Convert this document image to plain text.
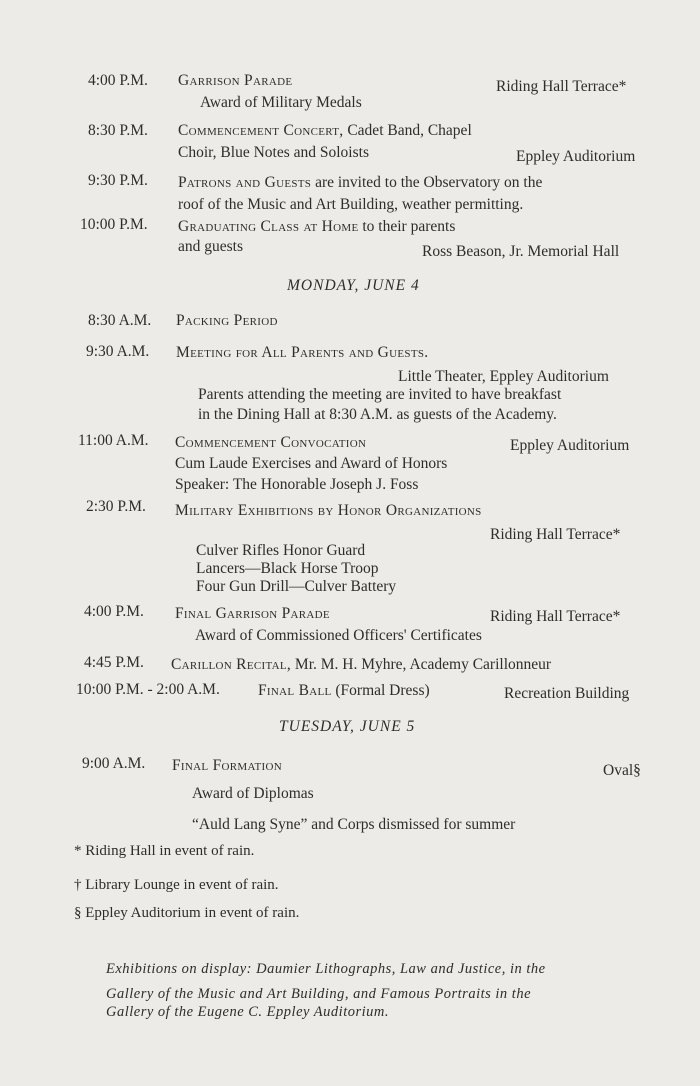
4:00 P.M. Garrison Parade	Riding Hall Terrace*
Award of Military Medals
8:30 P.M. Commencement Concert, Cadet Band, Chapel
Choir, Blue Notes and Soloists	Eppley Auditorium
9:30 P.M. Patrons and Guests are invited to the Observatory on the
roof of the Music and Art Building, weather permitting.
10:00 P.M. Graduating Class at Home to their parents
and guests	Ross Beason, Jr. Memorial Hall
MONDAY, JUNE 4
8:30 A.M. Packing Period
9:30 A.M. Meeting for All Parents and Guests.
Little Theater, Eppley Auditorium
Parents attending the meeting are invited to have breakfast
in the Dining Hall at 8:30 A.M. as guests of the Academy.
11:00 A.M. Commencement Convocation	Eppley Auditorium
Cum Laude Exercises and Award of Honors
Speaker: The Honorable Joseph J. Foss
2:30 P.M. Military Exhibitions by Honor Organizations
Riding Hall Terrace*
Culver Rifles Honor Guard
Lancers—Black Horse Troop
Four Gun Drill—Culver Battery
4:00 P.M. Final Garrison Parade	Riding Hall Terrace*
Award of Commissioned Officers' Certificates
4:45 P.M. Carillon Recital, Mr. M. H. Myhre, Academy Carillonneur
10:00 P.M. - 2:00 A.M. Final Ball (Formal Dress)	Recreation Building
TUESDAY, JUNE 5
9:00 A.M. Final Formation	Oval§
Award of Diplomas
“Auld Lang Syne” and Corps dismissed for summer
* Riding Hall in event of rain.
† Library Lounge in event of rain.
§ Eppley Auditorium in event of rain.
Exhibitions on display: Daumier Lithographs, Law and Justice, in the
Gallery of the Music and Art Building, and Famous Portraits in the
Gallery of the Eugene C. Eppley Auditorium.
